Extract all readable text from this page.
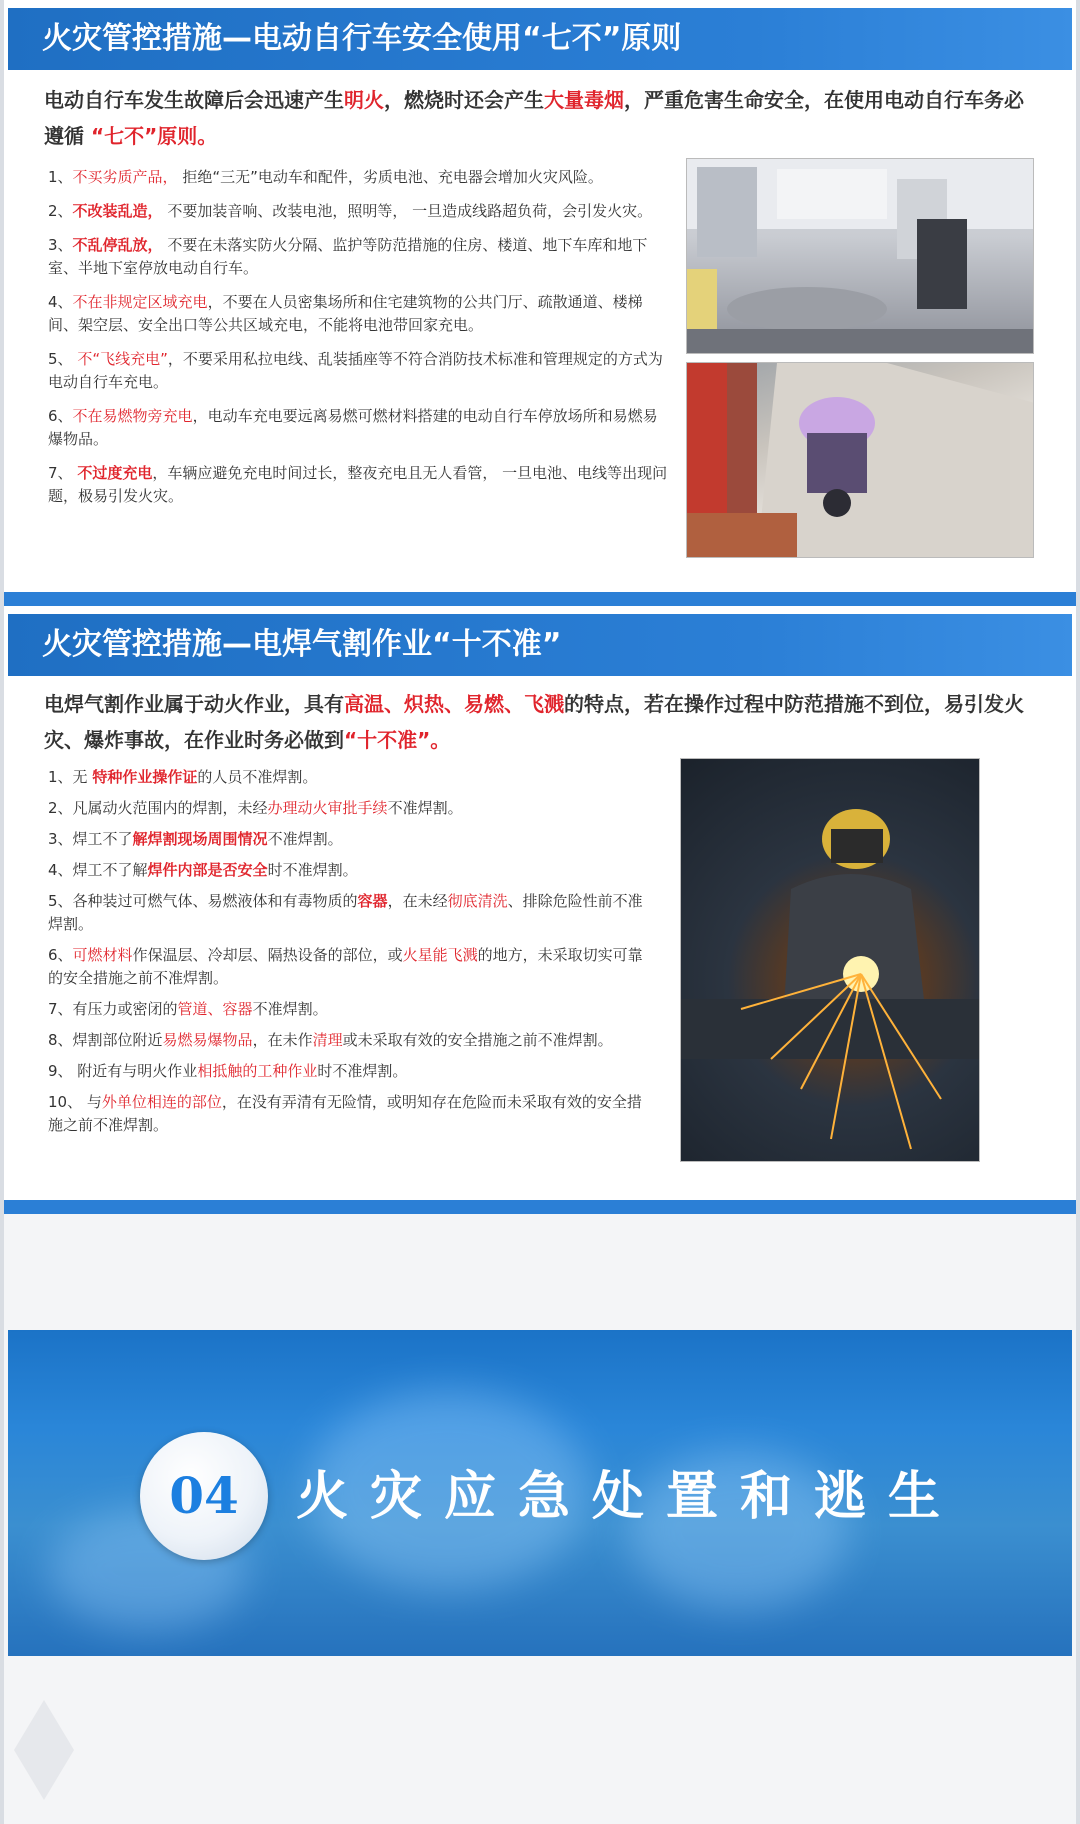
火灾管控措施—电动自行车安全使用“七不”原则
电动自行车发生故障后会迅速产生明火，燃烧时还会产生大量毒烟，严重危害生命安全，在使用电动自行车务必遵循 “七不”原则。
1、不买劣质产品， 拒绝“三无”电动车和配件，劣质电池、充电器会增加火灾风险。
2、不改装乱造， 不要加装音响、改装电池，照明等， 一旦造成线路超负荷，会引发火灾。
3、不乱停乱放， 不要在未落实防火分隔、监护等防范措施的住房、楼道、地下车库和地下室、半地下室停放电动自行车。
4、不在非规定区域充电，不要在人员密集场所和住宅建筑物的公共门厅、疏散通道、楼梯间、架空层、安全出口等公共区域充电，不能将电池带回家充电。
5、 不“飞线充电”，不要采用私拉电线、乱装插座等不符合消防技术标准和管理规定的方式为电动自行车充电。
6、不在易燃物旁充电，电动车充电要远离易燃可燃材料搭建的电动自行车停放场所和易燃易爆物品。
7、 不过度充电，车辆应避免充电时间过长，整夜充电且无人看管， 一旦电池、电线等出现问题，极易引发火灾。
火灾管控措施—电焊气割作业“十不准”
电焊气割作业属于动火作业，具有高温、炽热、易燃、飞溅的特点，若在操作过程中防范措施不到位，易引发火灾、爆炸事故，在作业时务必做到“十不准”。
1、无 特种作业操作证的人员不准焊割。
2、凡属动火范围内的焊割，未经办理动火审批手续不准焊割。
3、焊工不了解焊割现场周围情况不准焊割。
4、焊工不了解焊件内部是否安全时不准焊割。
5、各种装过可燃气体、易燃液体和有毒物质的容器，在未经彻底清洗、排除危险性前不准焊割。
6、可燃材料作保温层、冷却层、隔热设备的部位，或火星能飞溅的地方，未采取切实可靠的安全措施之前不准焊割。
7、有压力或密闭的管道、容器不准焊割。
8、焊割部位附近易燃易爆物品，在未作清理或未采取有效的安全措施之前不准焊割。
9、 附近有与明火作业相抵触的工种作业时不准焊割。
10、 与外单位相连的部位，在没有弄清有无险情，或明知存在危险而未采取有效的安全措施之前不准焊割。
04	火灾应急处置和逃生
